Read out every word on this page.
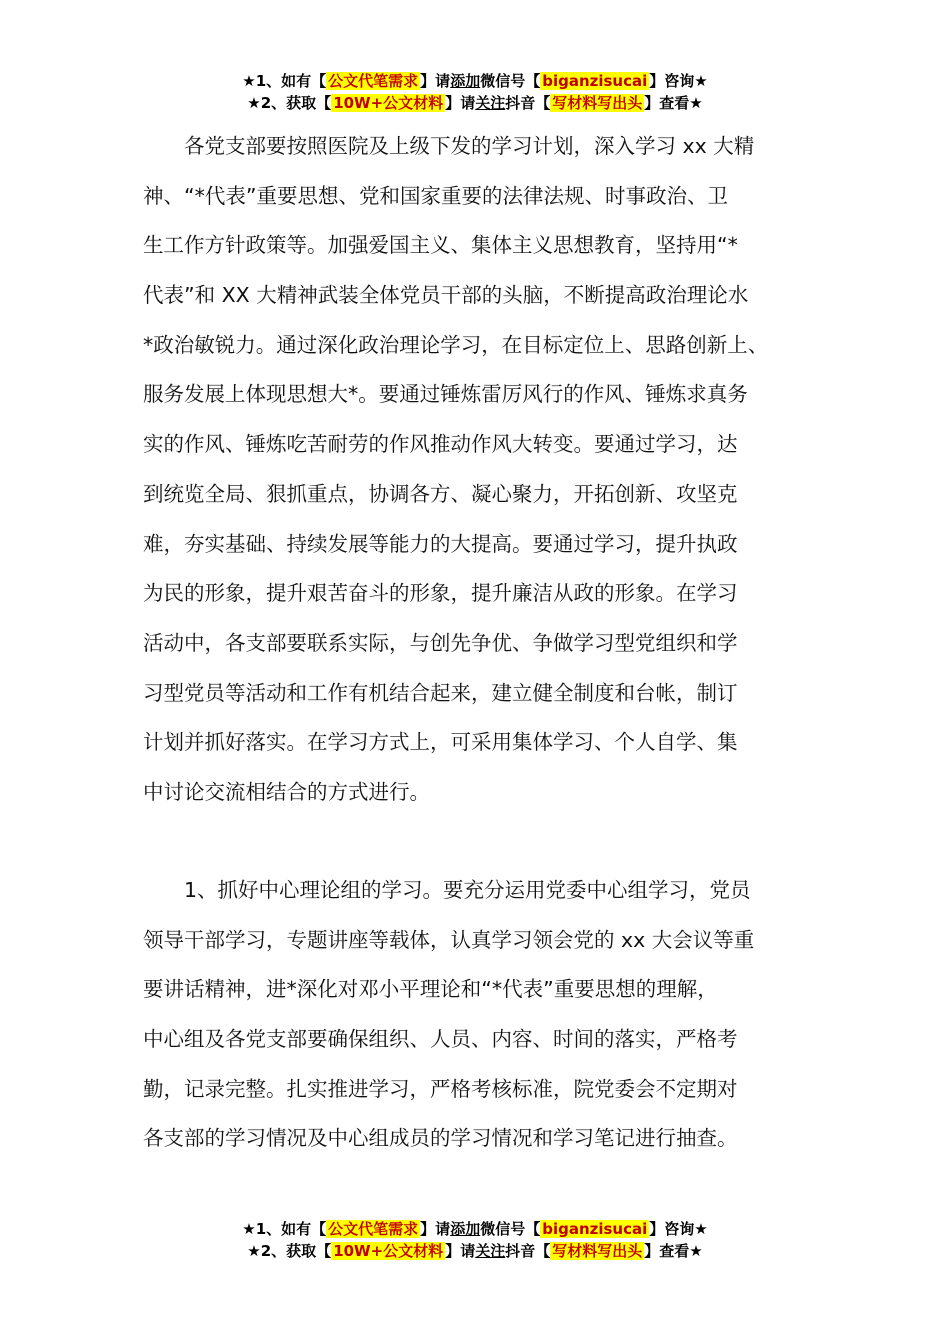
★1、如有【 公文代笔需求 】请添加微信号【 biganzisucai 】咨询★
★2、获取【 10W+公文材料 】请关注抖音【 写材料写出头 】查看★
　　各党支部要按照医院及上级下发的学习计划，深入学习 xx 大精
神、“*代表”重要思想、党和国家重要的法律法规、时事政治、卫
生工作方针政策等。加强爱国主义、集体主义思想教育，坚持用“*
代表”和 XX 大精神武装全体党员干部的头脑，不断提高政治理论水
*政治敏锐力。通过深化政治理论学习，在目标定位上、思路创新上、
服务发展上体现思想大*。要通过锤炼雷厉风行的作风、锤炼求真务
实的作风、锤炼吃苦耐劳的作风推动作风大转变。要通过学习，达
到统览全局、狠抓重点，协调各方、凝心聚力，开拓创新、攻坚克
难，夯实基础、持续发展等能力的大提高。要通过学习，提升执政
为民的形象，提升艰苦奋斗的形象，提升廉洁从政的形象。在学习
活动中，各支部要联系实际，与创先争优、争做学习型党组织和学
习型党员等活动和工作有机结合起来，建立健全制度和台帐，制订
计划并抓好落实。在学习方式上，可采用集体学习、个人自学、集
中讨论交流相结合的方式进行。
　　1、抓好中心理论组的学习。要充分运用党委中心组学习，党员
领导干部学习，专题讲座等载体，认真学习领会党的 xx 大会议等重
要讲话精神，进*深化对邓小平理论和“*代表”重要思想的理解，
中心组及各党支部要确保组织、人员、内容、时间的落实，严格考
勤，记录完整。扎实推进学习，严格考核标准，院党委会不定期对
各支部的学习情况及中心组成员的学习情况和学习笔记进行抽查。
★1、如有【 公文代笔需求 】请添加微信号【 biganzisucai 】咨询★
★2、获取【 10W+公文材料 】请关注抖音【 写材料写出头 】查看★
